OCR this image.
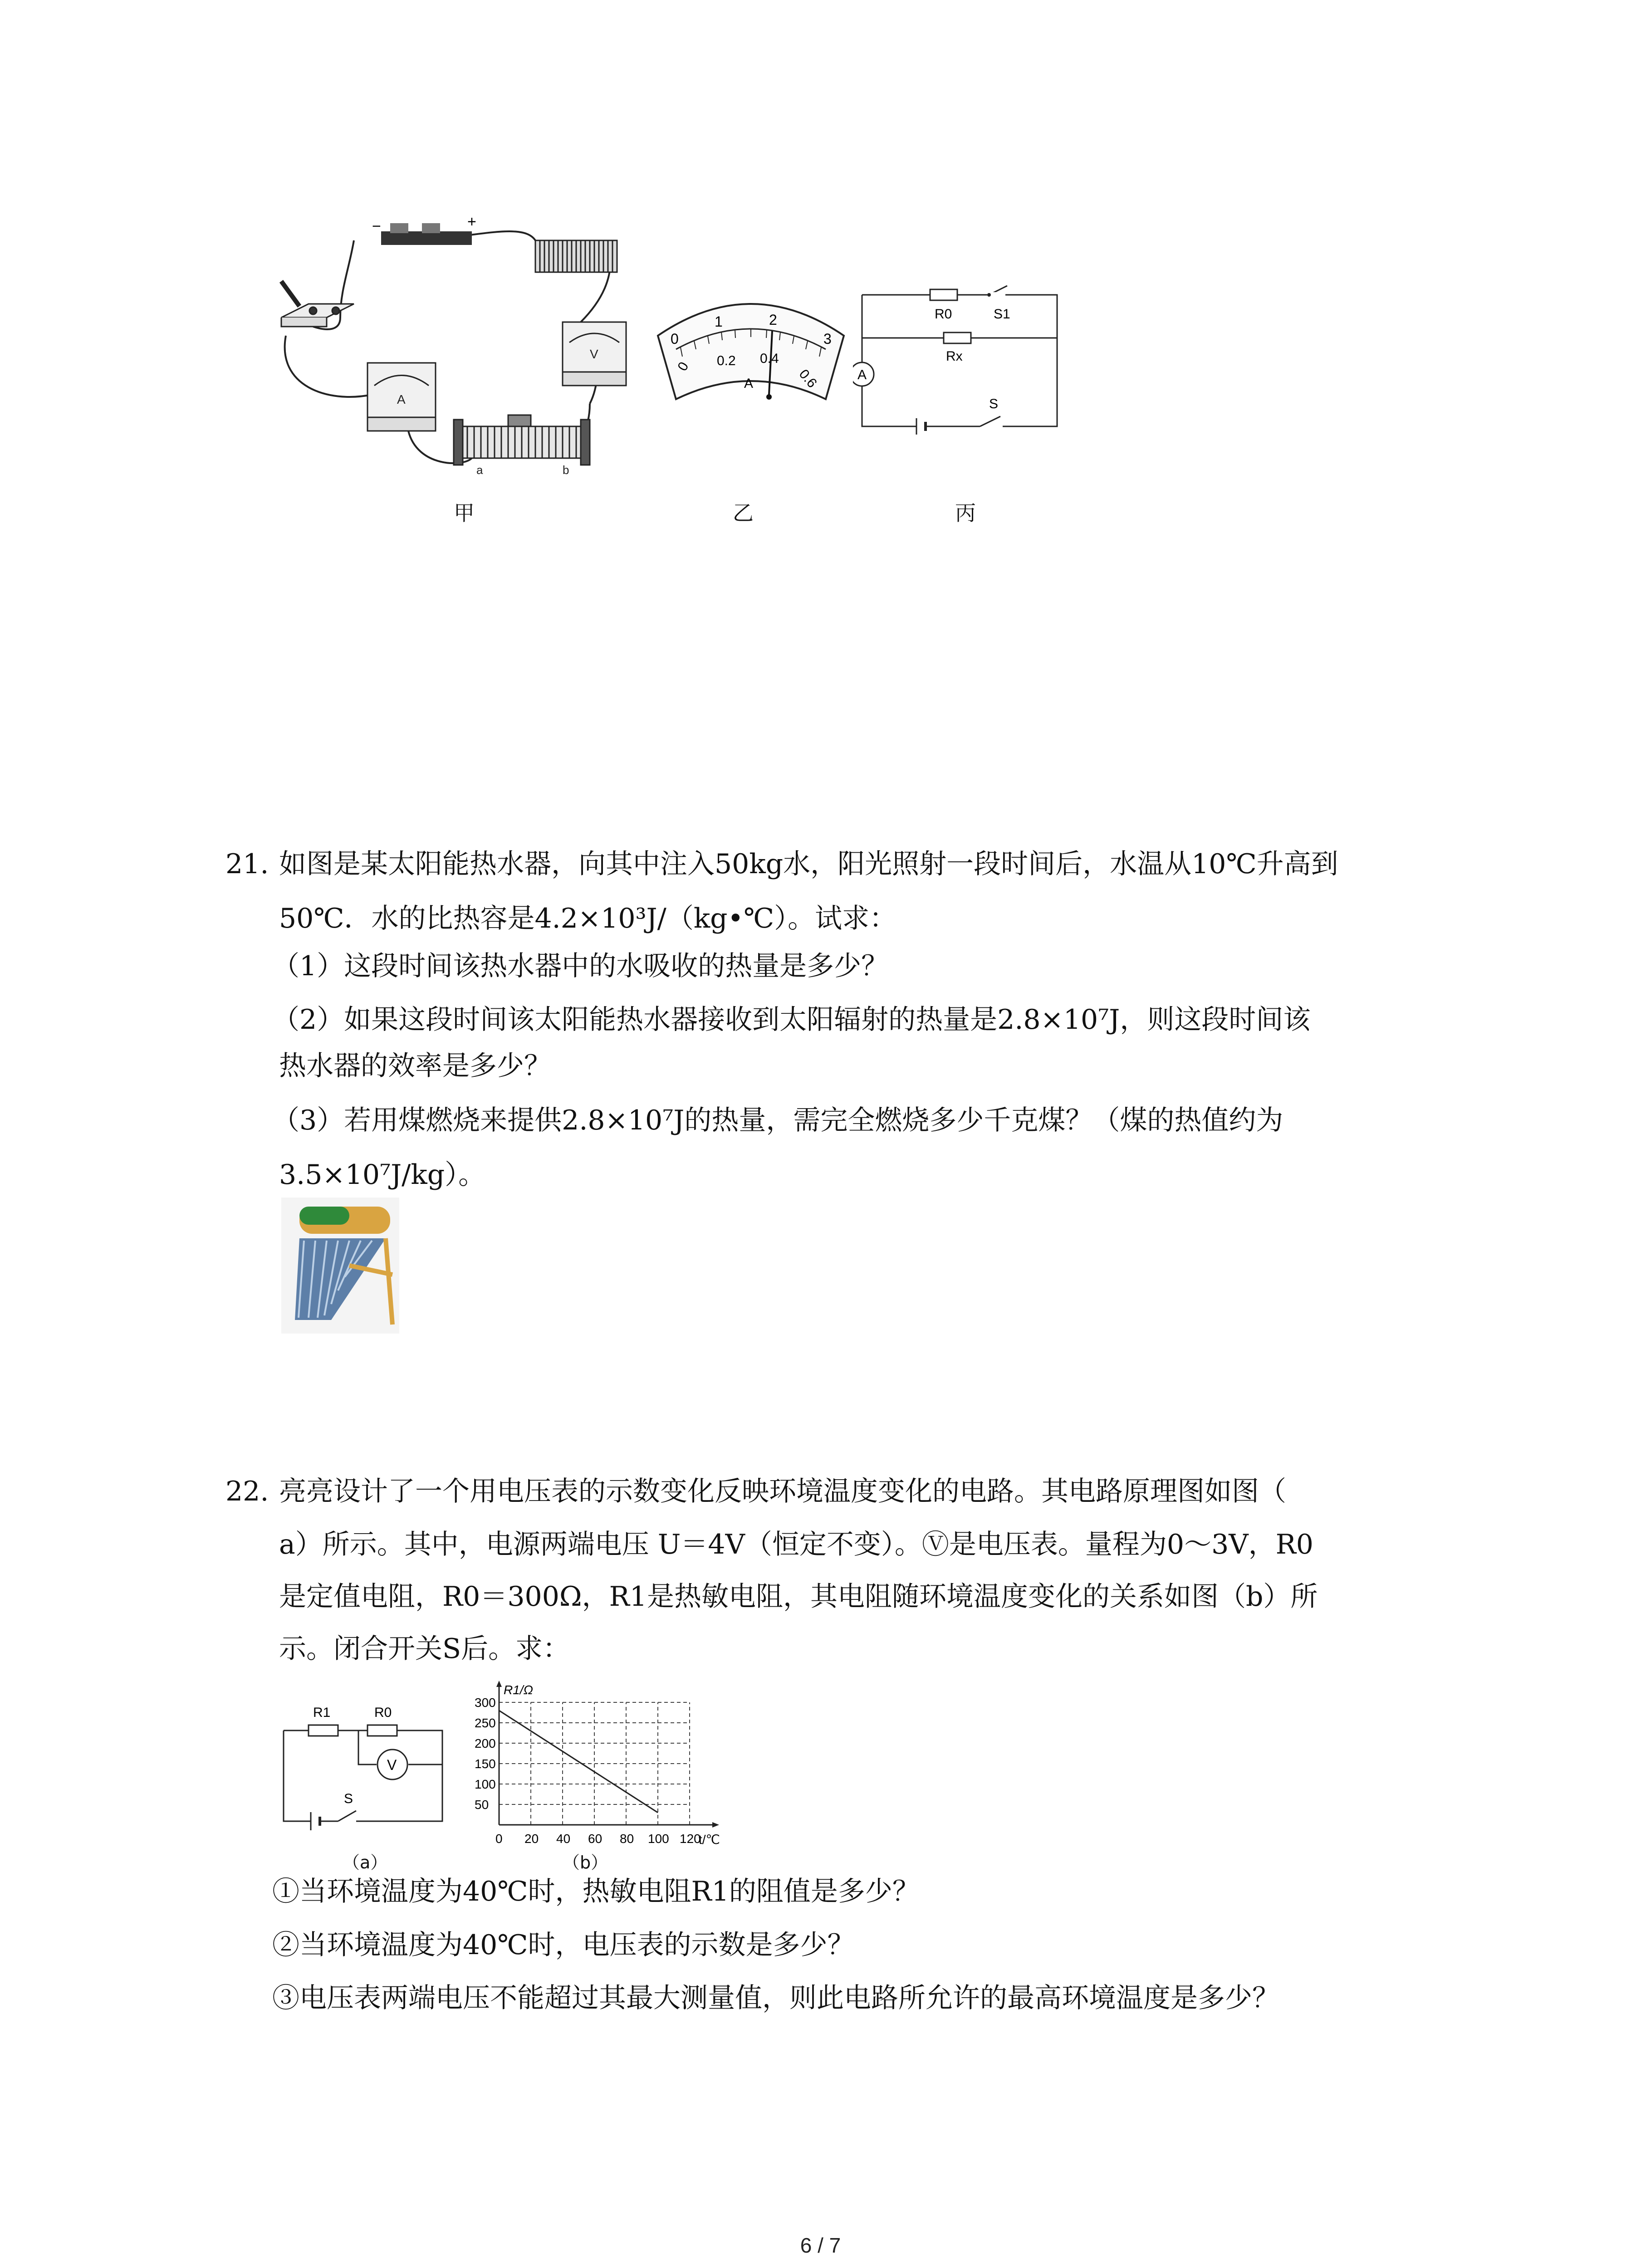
−	+
A
V
a	b
甲
0
1	2
3
0 0.2 0.4
0.6
A
乙
R0	S1
Rx
A
S
丙
21. 如图是某太阳能热水器，向其中注入50kg水，阳光照射一段时间后，水温从10℃升高到
50℃．水的比热容是4.2×10³J/（kg•℃）。试求：
（1）这段时间该热水器中的水吸收的热量是多少？
（2）如果这段时间该太阳能热水器接收到太阳辐射的热量是2.8×10⁷J，则这段时间该
热水器的效率是多少？
（3）若用煤燃烧来提供2.8×10⁷J的热量，需完全燃烧多少千克煤？（煤的热值约为
3.5×10⁷J/kg）。
22. 亮亮设计了一个用电压表的示数变化反映环境温度变化的电路。其电路原理图如图（
a）所示。其中，电源两端电压 U＝4V（恒定不变）。Ⓥ是电压表。量程为0～3V，R0
是定值电阻，R0＝300Ω，R1是热敏电阻，其电阻随环境温度变化的关系如图（b）所
示。闭合开关S后。求：
R1	R0
V
S
（a）
R1/Ω
t/℃
0 20 40 60 80 100 120
50
100
150
200
250
300
（b）
①当环境温度为40℃时，热敏电阻R1的阻值是多少？
②当环境温度为40℃时，电压表的示数是多少？
③电压表两端电压不能超过其最大测量值，则此电路所允许的最高环境温度是多少？
6 / 7
